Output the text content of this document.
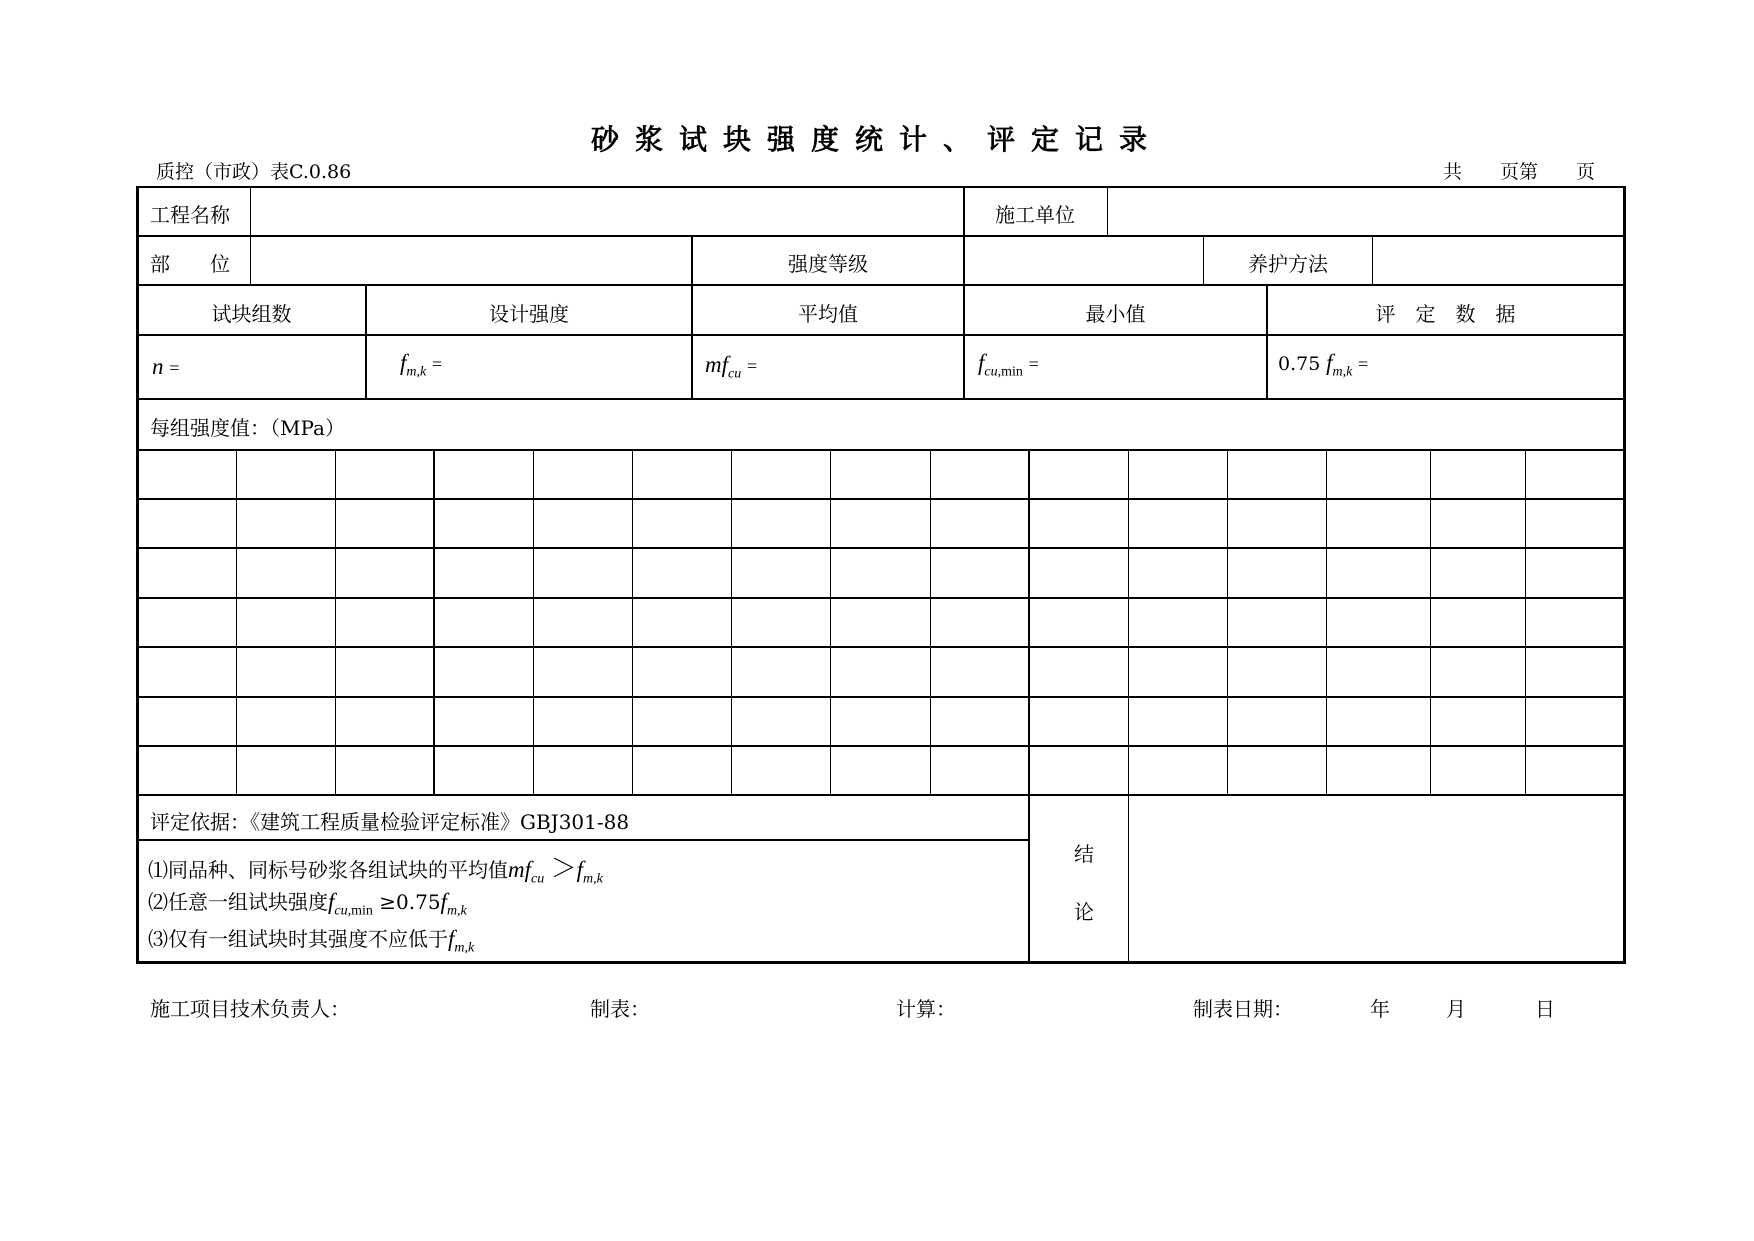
砂浆试块强度统计、评定记录
质控（市政）表C.0.86	共　　页第　　页
工程名称	施工单位
部　　位	强度等级	养护方法
试块组数	设计强度	平均值	最小值	评　定　数　据
n =	$f_{m,k}$ =	$mf_{cu}$ =	$f_{cu,min}$ =	0.75 $f_{m,k}$ =
每组强度值：（MPa）
评定依据：《建筑工程质量检验评定标准》GBJ301-88
⑴同品种、同标号砂浆各组试块的平均值$mf_{cu} >f_{m,k}$
⑵任意一组试块强度$f_{cu,min} \ge 0.75f_{m,k}$
⑶仅有一组试块时其强度不应低于$f_{m,k}$
结
论
施工项目技术负责人：	制表：	计算：	制表日期：	年	月	日
